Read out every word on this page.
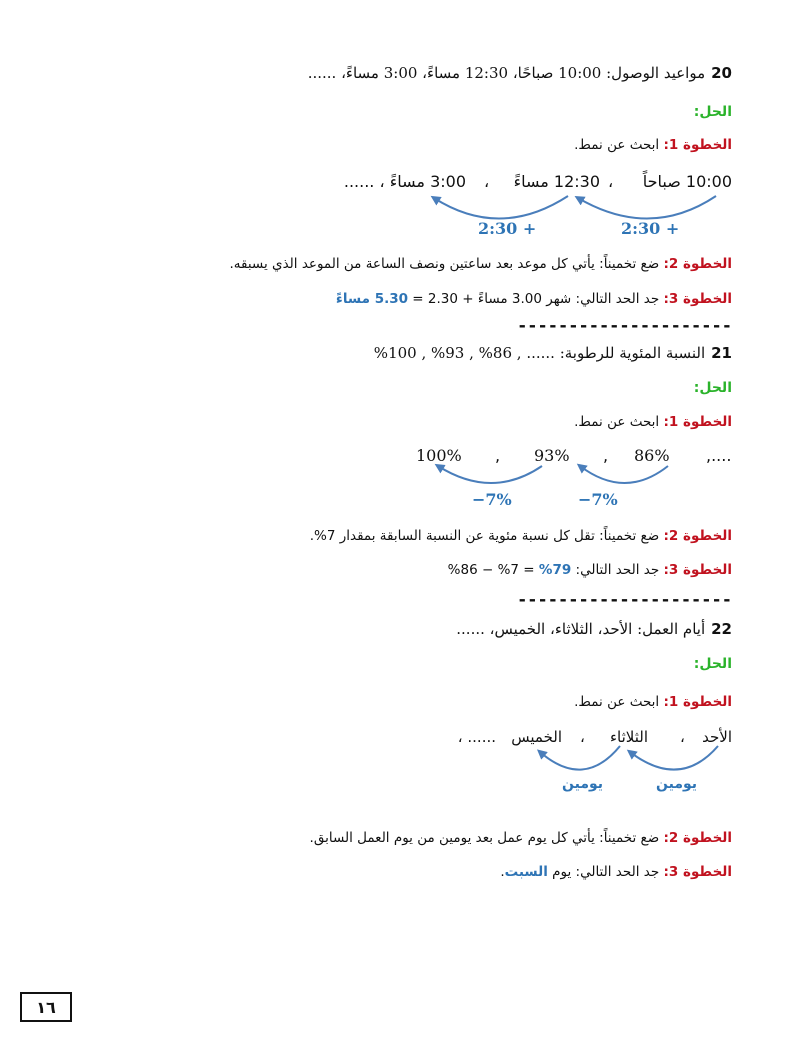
20مواعيد الوصول: 10:00 صباحًا، 12:30 مساءً، 3:00 مساءً، ......
الحل:
الخطوة 1: ابحث عن نمط.
10:00 صباحاً
،
12:30 مساءً
،
3:00 مساءً ، ......
2:30 +
2:30 +
الخطوة 2: ضع تخميناً: يأتي كل موعد بعد ساعتين ونصف الساعة من الموعد الذي يسبقه.
الخطوة 3: جد الحد التالي: شهر 3.00 مساءً + 2.30 = 5.30 مساءً
---------------------
21النسبة المئوية للرطوبة: ...... , 86% , 93% , 100%
الحل:
الخطوة 1: ابحث عن نمط.
100% , 93% , 86% ,....
−7%	−7%
الخطوة 2: ضع تخميناً: تقل كل نسبة مئوية عن النسبة السابقة بمقدار 7%.
الخطوة 3: جد الحد التالي: 79% = 7% − 86%
---------------------
22أيام العمل: الأحد، الثلاثاء، الخميس، ......
الحل:
الخطوة 1: ابحث عن نمط.
الأحد
،
الثلاثاء
،
الخميس
، ......
يومين
يومين
الخطوة 2: ضع تخميناً: يأتي كل يوم عمل بعد يومين من يوم العمل السابق.
الخطوة 3: جد الحد التالي: يوم السبت.
١٦
